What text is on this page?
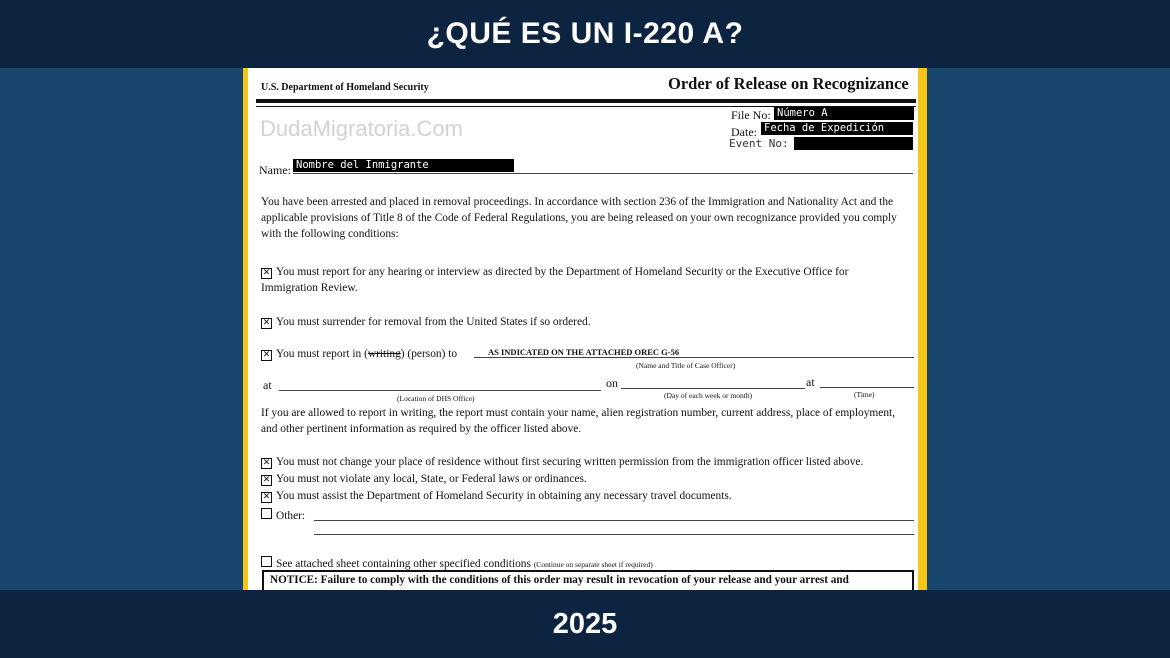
¿QUÉ ES UN I-220 A?
U.S. Department of Homeland Security	Order of Release on Recognizance
DudaMigratoria.Com
File No: Número A
Date: Fecha de Expedición
Event No:
Name: Nombre del Inmigrante
You have been arrested and placed in removal proceedings. In accordance with section 236 of the Immigration and Nationality Act and the applicable provisions of Title 8 of the Code of Federal Regulations, you are being released on your own recognizance provided you comply with the following conditions:
✕ You must report for any hearing or interview as directed by the Department of Homeland Security or the Executive Office for Immigration Review.
✕ You must surrender for removal from the United States if so ordered.
✕ You must report in (writing) (person) to	AS INDICATED ON THE ATTACHED OREC G-56
(Name and Title of Case Officer)
at	on	at
(Location of DHS Office)	(Day of each week or month)	(Time)
If you are allowed to report in writing, the report must contain your name, alien registration number, current address, place of employment, and other pertinent information as required by the officer listed above.
✕ You must not change your place of residence without first securing written permission from the immigration officer listed above.
✕ You must not violate any local, State, or Federal laws or ordinances.
✕ You must assist the Department of Homeland Security in obtaining any necessary travel documents.
Other:
See attached sheet containing other specified conditions (Continue on separate sheet if required)
NOTICE: Failure to comply with the conditions of this order may result in revocation of your release and your arrest and
2025
